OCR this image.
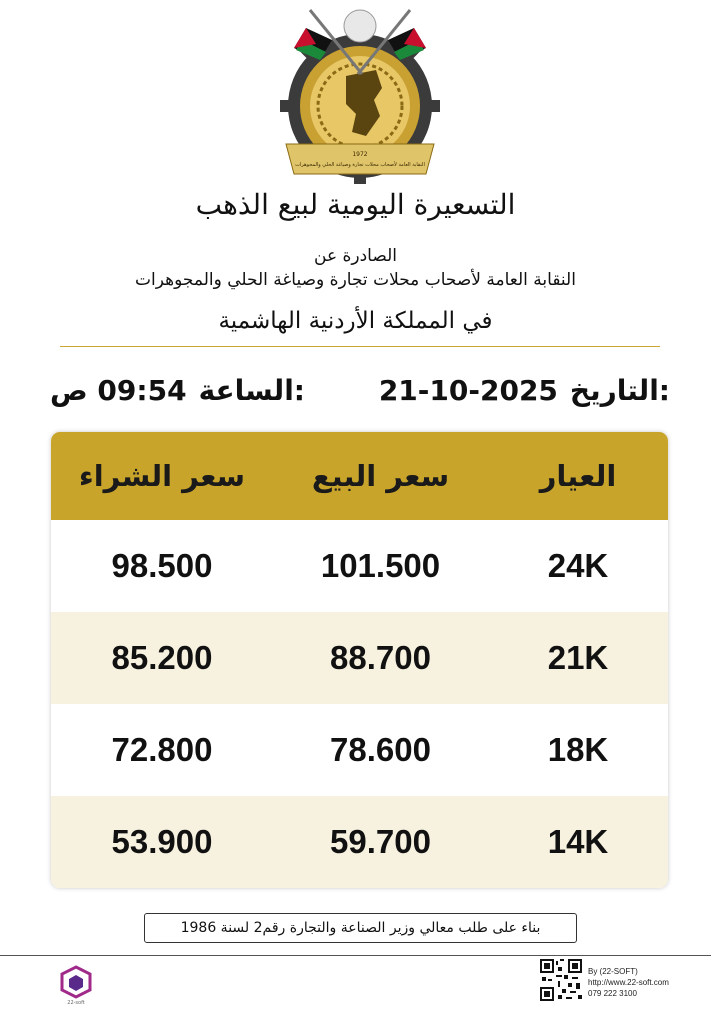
1972
النقابة العامة لأصحاب محلات تجارة وصياغة الحلي والمجوهرات
التسعيرة اليومية لبيع الذهب
الصادرة عن
النقابة العامة لأصحاب محلات تجارة وصياغة الحلي والمجوهرات
في المملكة الأردنية الهاشمية
التاريخ:
21-10-2025
الساعة:
09:54 ص
العيار
سعر البيع
سعر الشراء
24K
101.500
98.500
21K
88.700
85.200
18K
78.600
72.800
14K
59.700
53.900
بناء على طلب معالي وزير الصناعة والتجارة رقم2 لسنة 1986
22-soft
By (22-SOFT)
http://www.22-soft.com
079 222 3100
